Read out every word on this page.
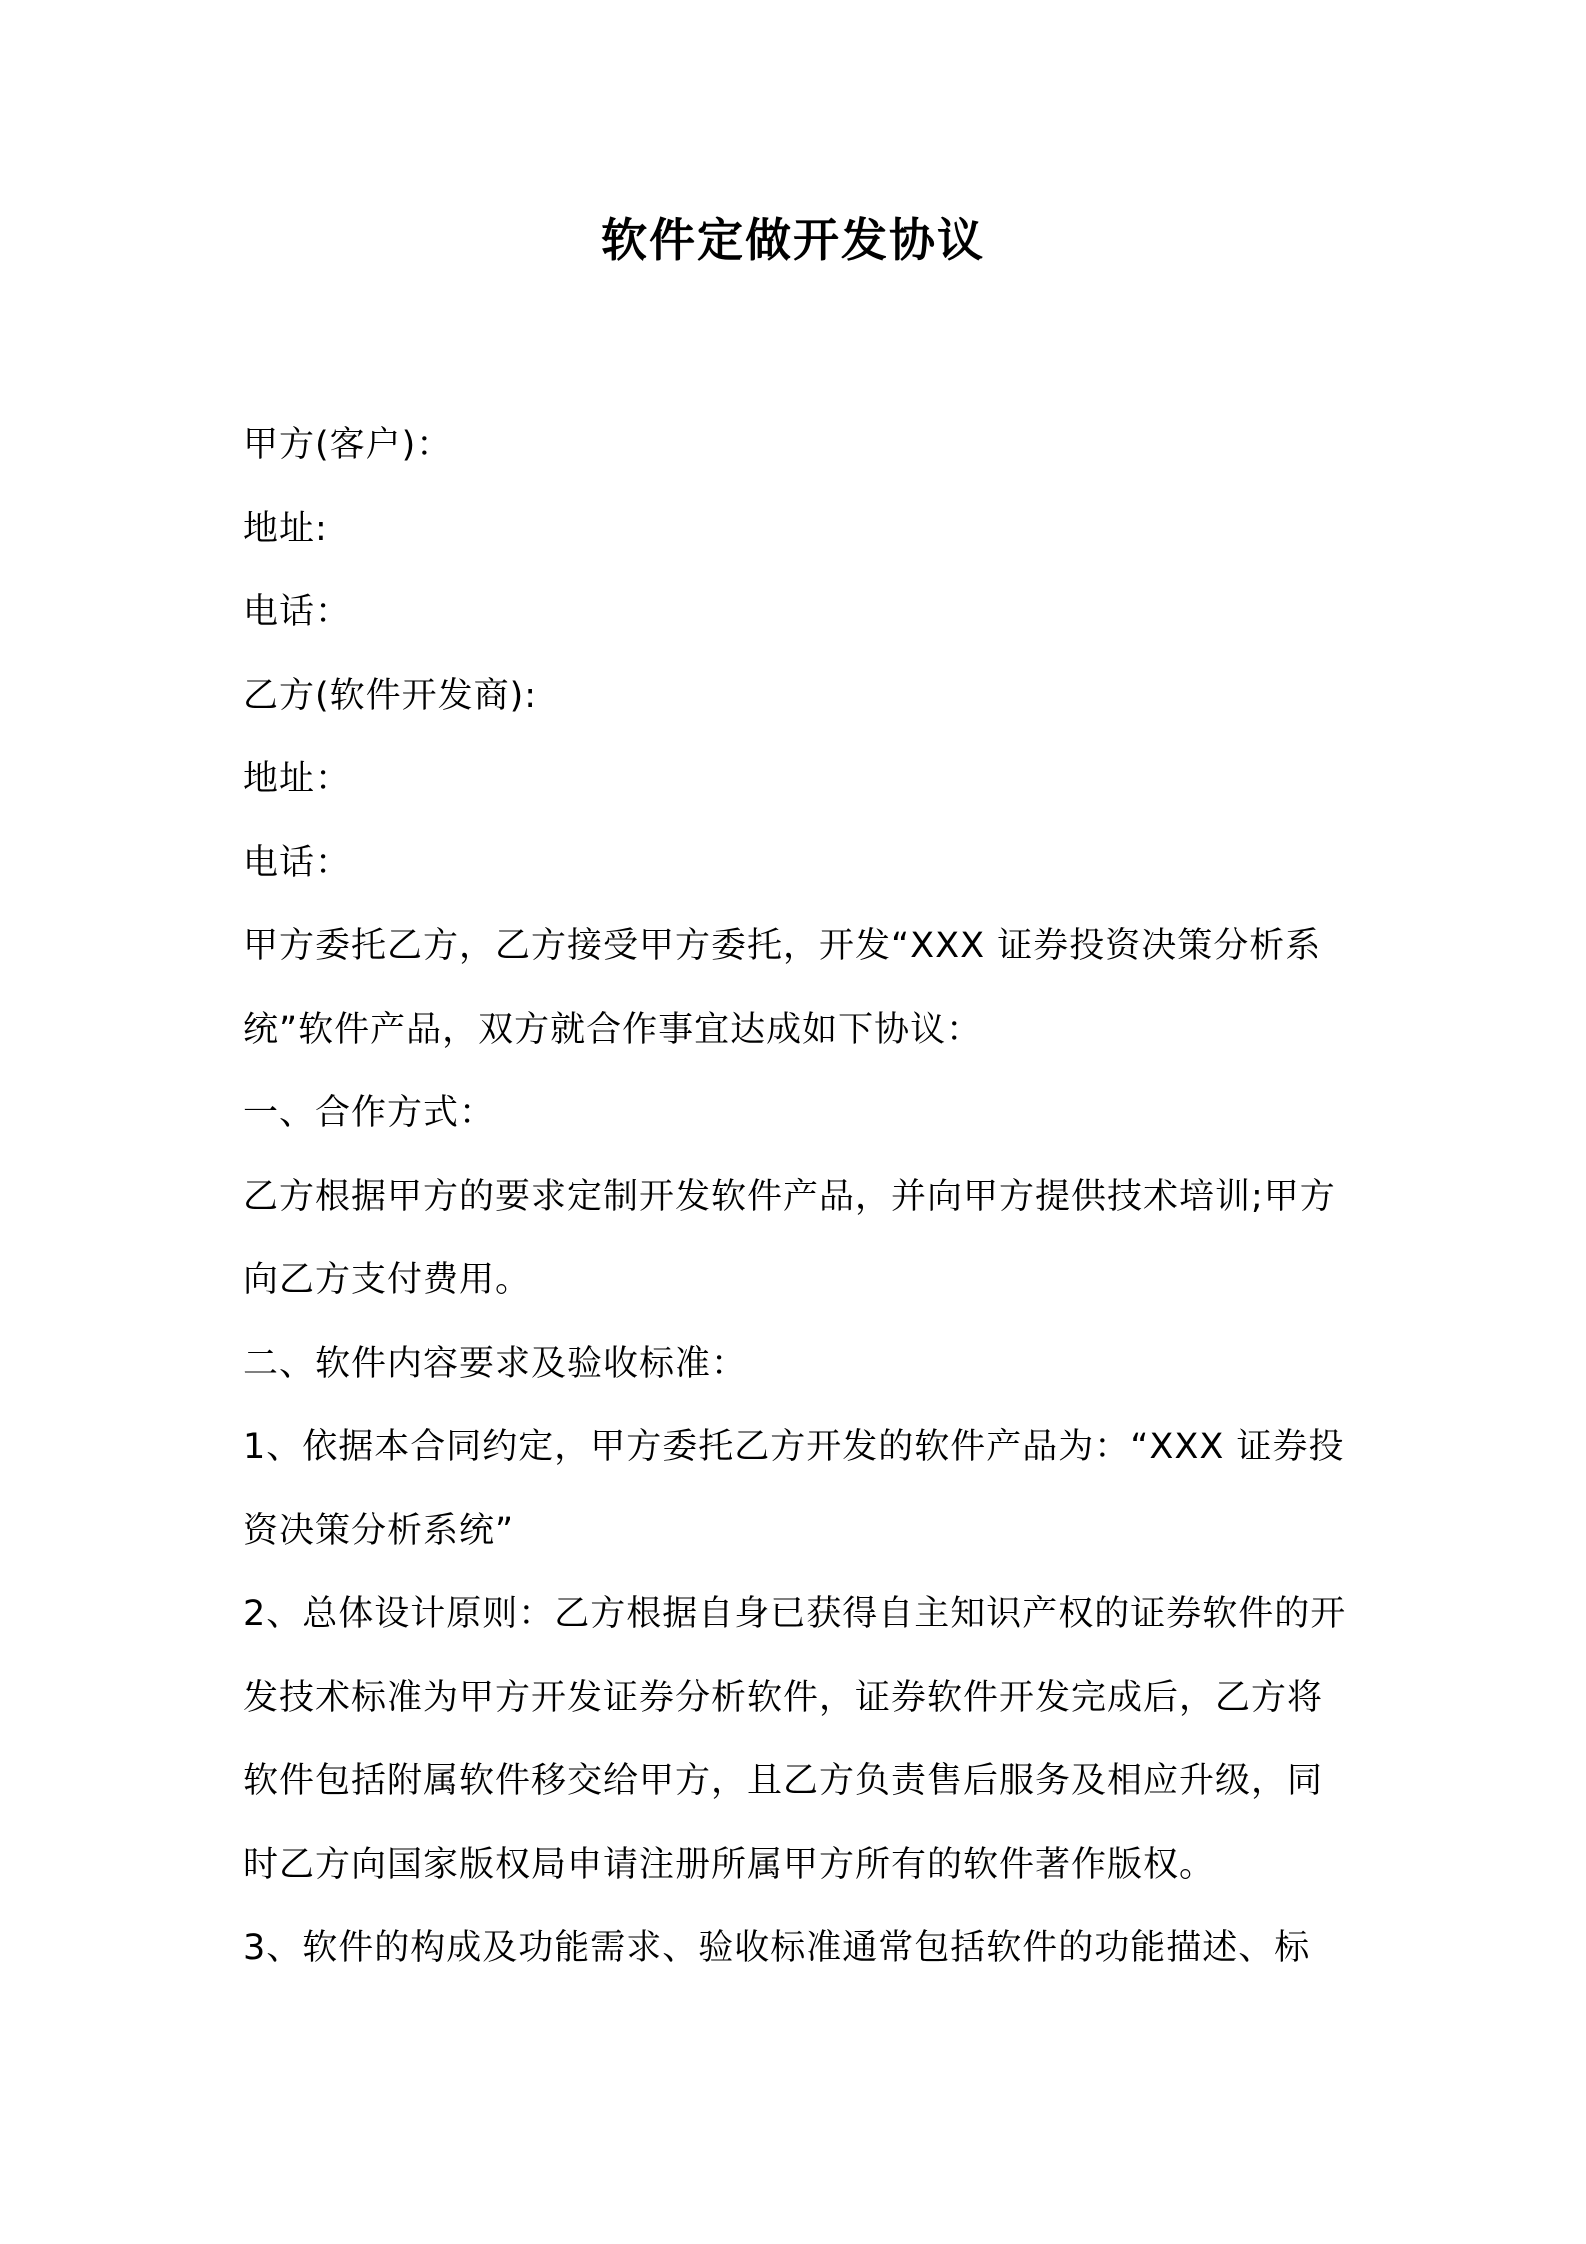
软件定做开发协议

甲方(客户)：

地址:

电话：

乙方(软件开发商):

地址：

电话：

甲方委托乙方，乙方接受甲方委托，开发“XXX 证券投资决策分析系统”软件产品，双方就合作事宜达成如下协议：

一、合作方式：

乙方根据甲方的要求定制开发软件产品，并向甲方提供技术培训;甲方向乙方支付费用。

二、软件内容要求及验收标准：

1、依据本合同约定，甲方委托乙方开发的软件产品为：“XXX 证券投资决策分析系统”

2、总体设计原则：乙方根据自身已获得自主知识产权的证券软件的开发技术标准为甲方开发证券分析软件，证券软件开发完成后，乙方将软件包括附属软件移交给甲方，且乙方负责售后服务及相应升级，同时乙方向国家版权局申请注册所属甲方所有的软件著作版权。

3、软件的构成及功能需求、验收标准通常包括软件的功能描述、标
